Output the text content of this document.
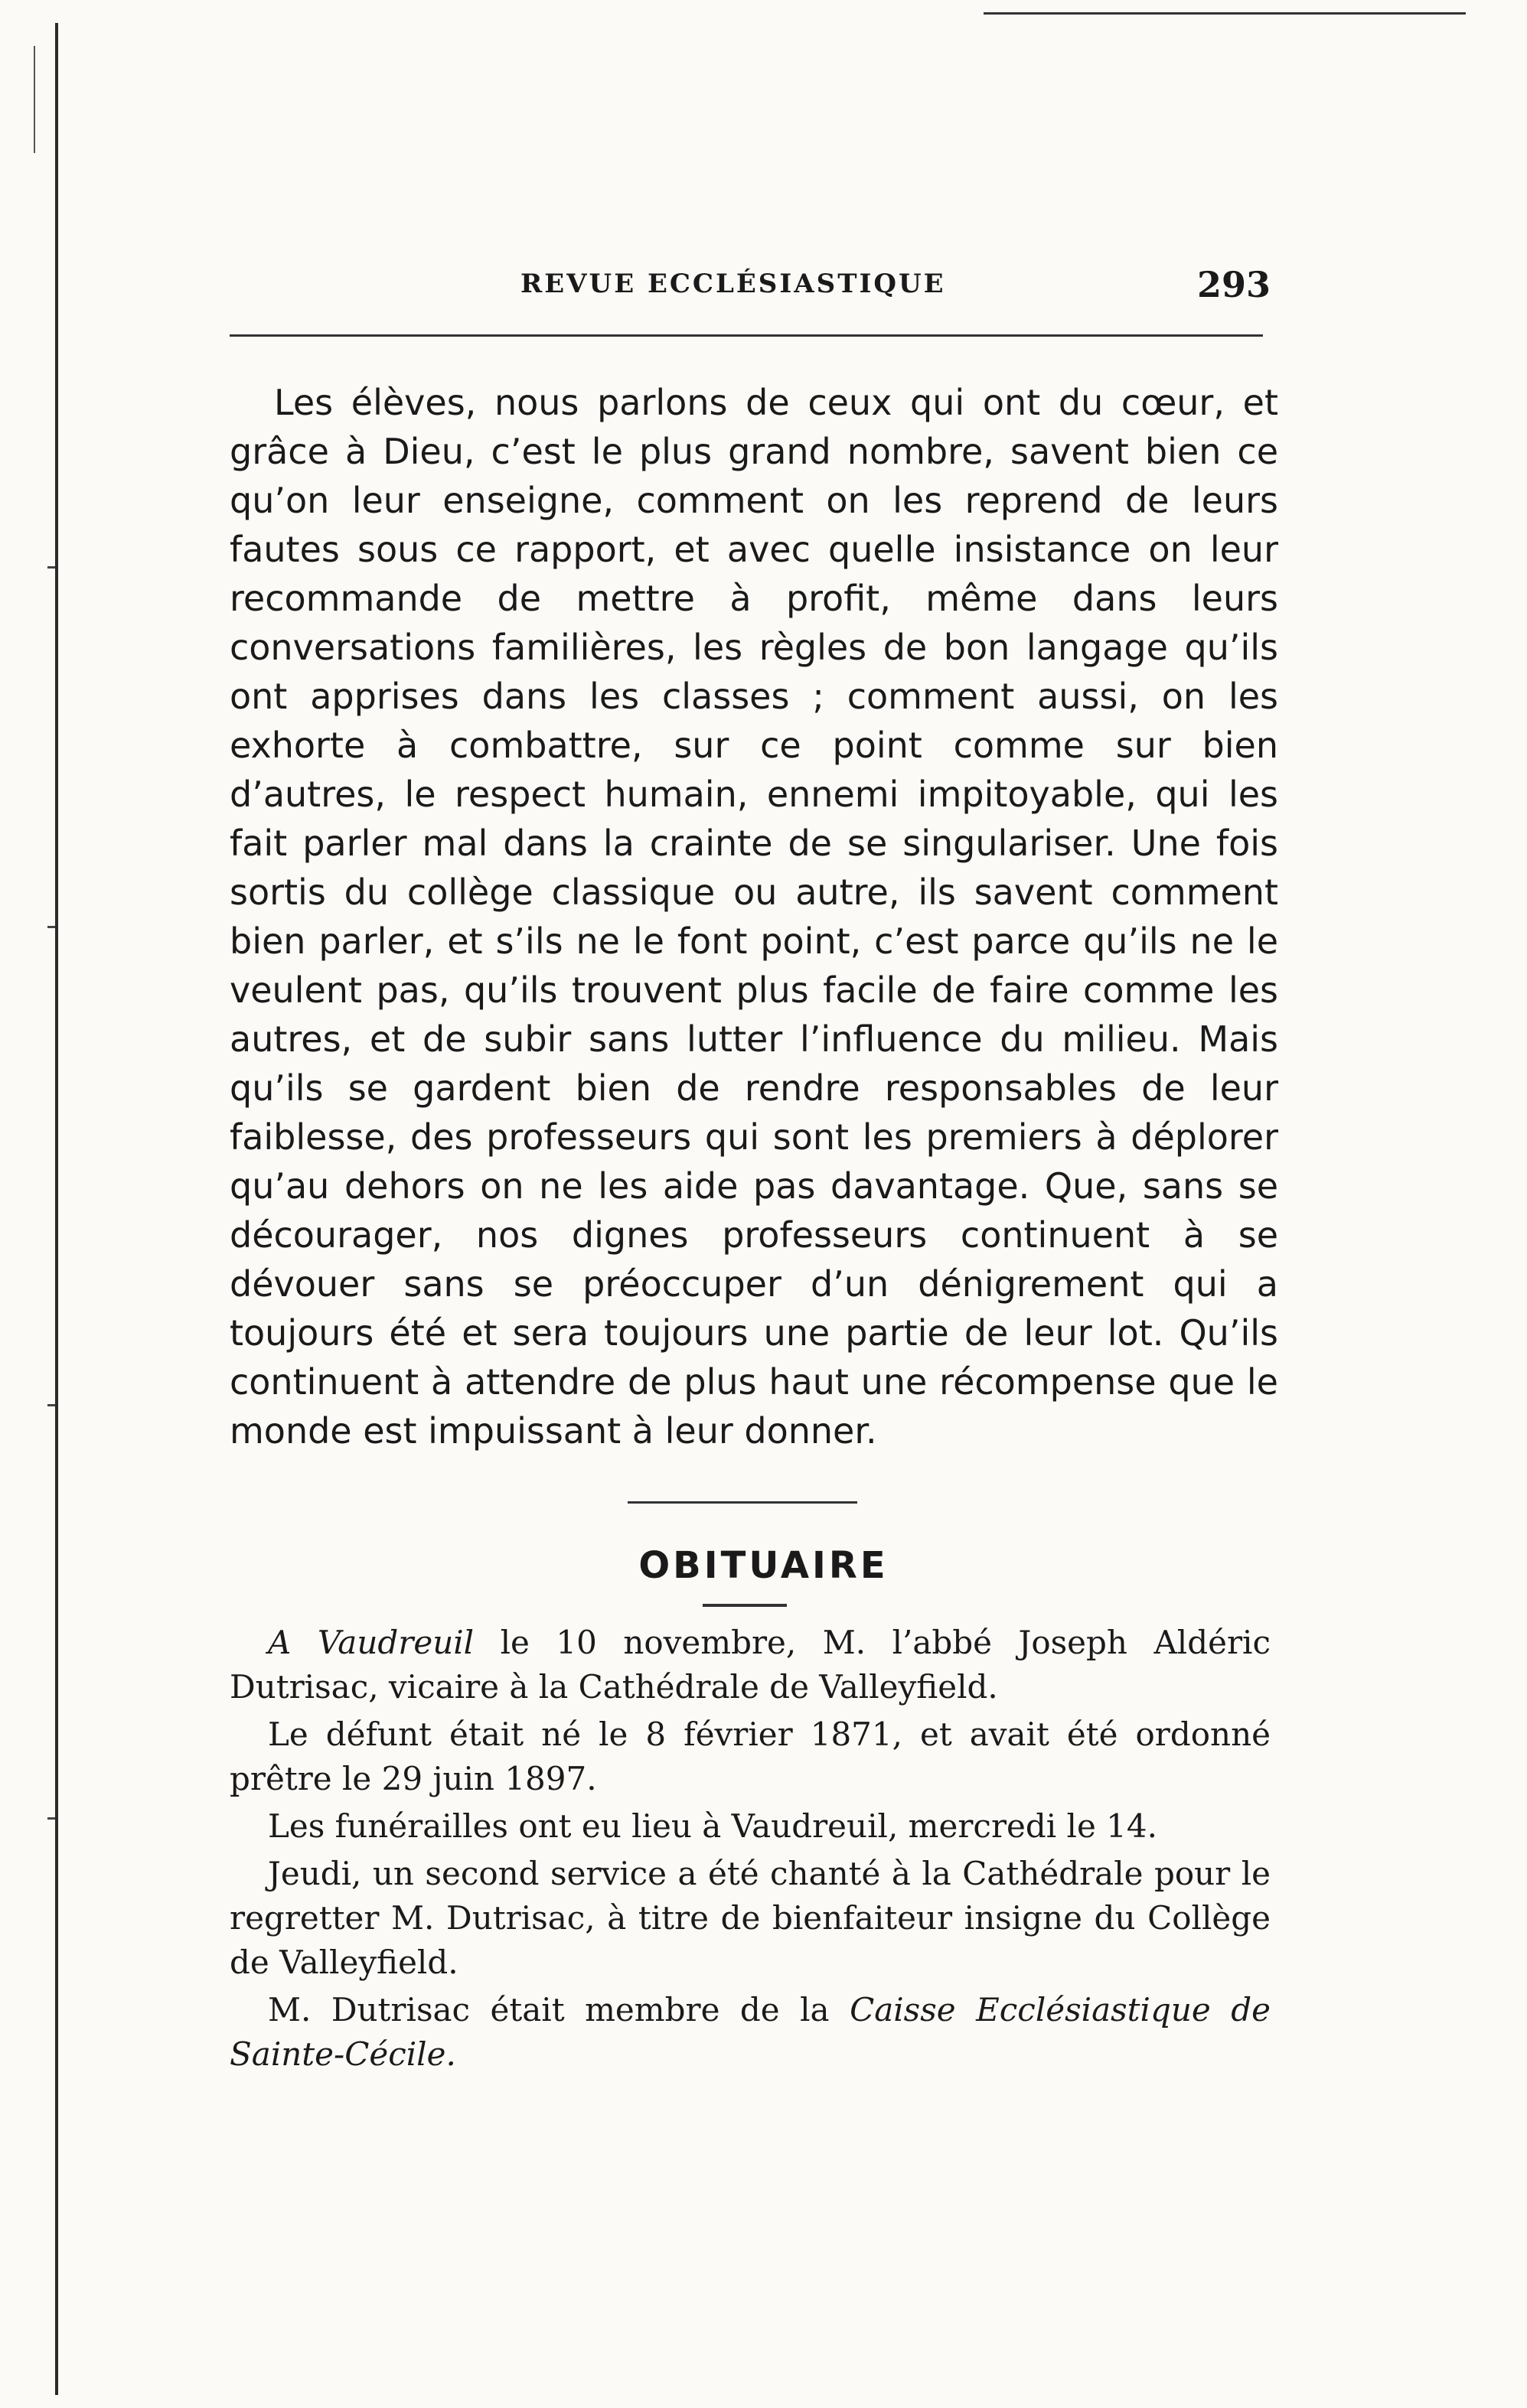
REVUE ECCLÉSIASTIQUE	293
Les élèves, nous parlons de ceux qui ont du cœur, et grâce à Dieu, c’est le plus grand nombre, savent bien ce qu’on leur enseigne, comment on les reprend de leurs fautes sous ce rapport, et avec quelle insistance on leur recommande de mettre à profit, même dans leurs conversations familières, les règles de bon langage qu’ils ont apprises dans les classes ; comment aussi, on les exhorte à combattre, sur ce point comme sur bien d’autres, le respect humain, ennemi impitoyable, qui les fait parler mal dans la crainte de se singulariser. Une fois sortis du collège classique ou autre, ils savent comment bien parler, et s’ils ne le font point, c’est parce qu’ils ne le veulent pas, qu’ils trouvent plus facile de faire comme les autres, et de subir sans lutter l’influence du milieu. Mais qu’ils se gardent bien de rendre responsables de leur faiblesse, des professeurs qui sont les premiers à déplorer qu’au dehors on ne les aide pas davantage. Que, sans se décourager, nos dignes professeurs continuent à se dévouer sans se préoccuper d’un dénigrement qui a toujours été et sera toujours une partie de leur lot. Qu’ils continuent à attendre de plus haut une récompense que le monde est impuissant à leur donner.
OBITUAIRE

A Vaudreuil le 10 novembre, M. l’abbé Joseph Aldéric Dutrisac, vicaire à la Cathédrale de Valleyfield.

Le défunt était né le 8 février 1871, et avait été ordonné prêtre le 29 juin 1897.

Les funérailles ont eu lieu à Vaudreuil, mercredi le 14.

Jeudi, un second service a été chanté à la Cathédrale pour le regretter M. Dutrisac, à titre de bienfaiteur insigne du Collège de Valleyfield.

M. Dutrisac était membre de la Caisse Ecclésiastique de Sainte-Cécile.
